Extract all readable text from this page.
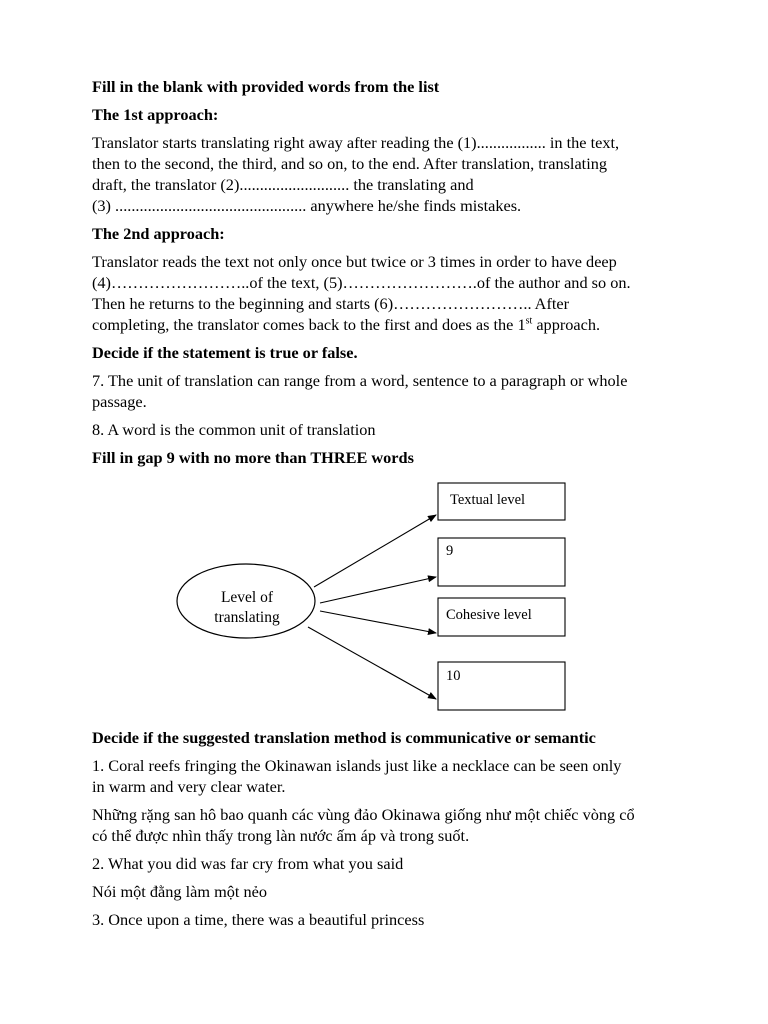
Fill in the blank with provided words from the list

The 1st approach:

Translator starts translating right away after reading the (1)................. in the text,
then to the second, the third, and so on, to the end. After translation, translating
draft, the translator (2)........................... the translating and
(3) ............................................... anywhere he/she finds mistakes.

The 2nd approach:

Translator reads the text not only once but twice or 3 times in order to have deep
(4)……………………..of the text, (5)…………………….of the author and so on.
Then he returns to the beginning and starts (6)…………………….. After
completing, the translator comes back to the first and does as the 1st approach.

Decide if the statement is true or false.

7. The unit of translation can range from a word, sentence to a paragraph or whole
passage.
8. A word is the common unit of translation

Fill in gap 9 with no more than THREE words

Level of
translating
Textual level
9
Cohesive level
10

Decide if the suggested translation method is communicative or semantic

1. Coral reefs fringing the Okinawan islands just like a necklace can be seen only
in warm and very clear water.
Những rặng san hô bao quanh các vùng đảo Okinawa giống như một chiếc vòng cổ
có thể được nhìn thấy trong làn nước ấm áp và trong suốt.
2. What you did was far cry from what you said
Nói một đằng làm một nẻo
3. Once upon a time, there was a beautiful princess
